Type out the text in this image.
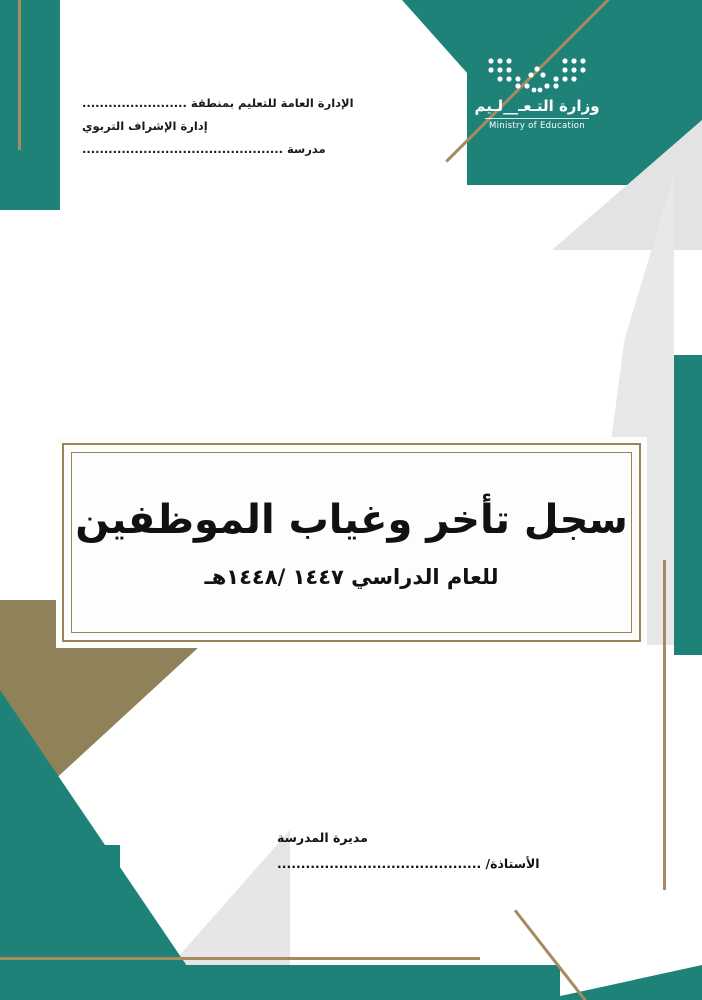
الإدارة العامة للتعليم بمنطقة ........................
إدارة الإشراف التربوي
مدرسة ..............................................
وزارة التـعـ__لـيم
Ministry of Education
سجل تأخر وغياب الموظفين
للعام الدراسي ١٤٤٧ /١٤٤٨هـ
مديرة المدرسة
الأستاذة/ ...........................................
